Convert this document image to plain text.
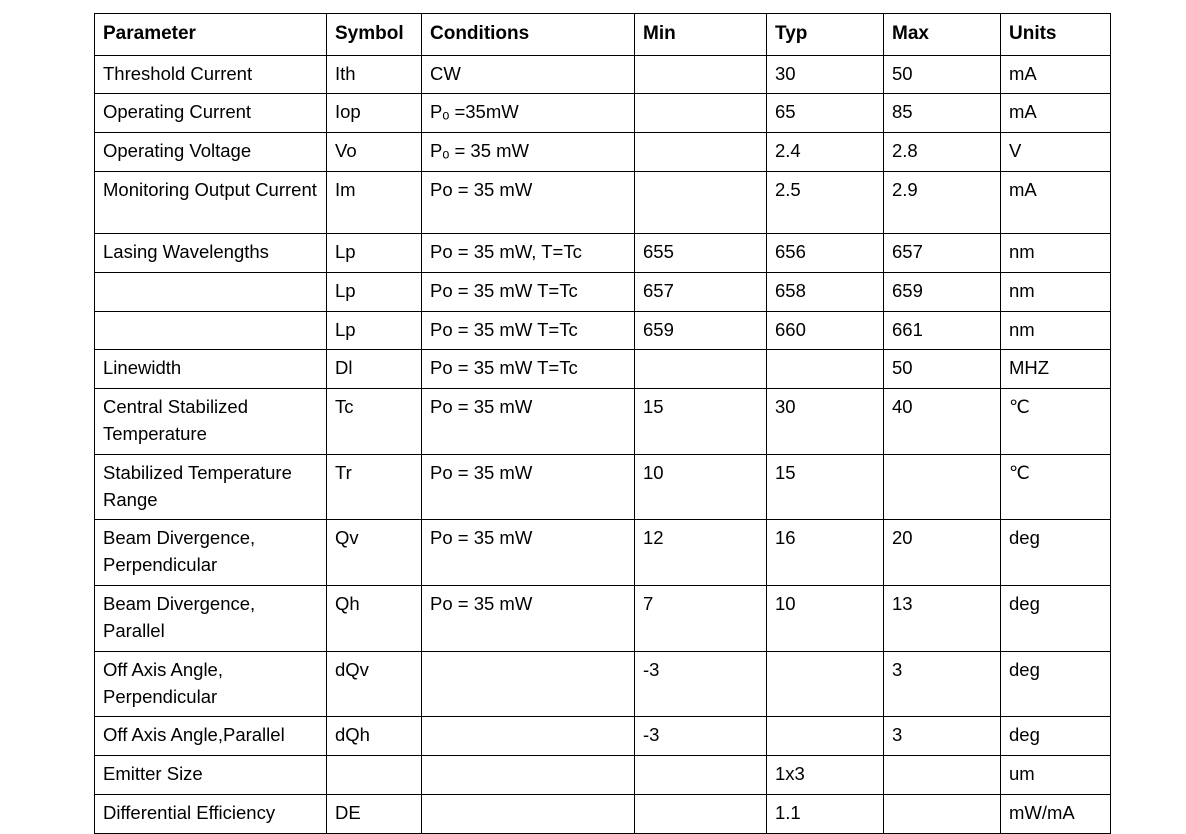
Parameter	Symbol	Conditions	Min	Typ	Max	Units
Threshold Current	Ith	CW		30	50	mA
Operating Current	Iop	Pₒ =35mW		65	85	mA
Operating Voltage	Vo	Pₒ = 35 mW		2.4	2.8	V
Monitoring Output Current	Im	Po = 35 mW		2.5	2.9	mA
Lasing Wavelengths	Lp	Po = 35 mW, T=Tc	655	656	657	nm
	Lp	Po = 35 mW T=Tc	657	658	659	nm
	Lp	Po = 35 mW T=Tc	659	660	661	nm
Linewidth	Dl	Po = 35 mW T=Tc			50	MHZ
Central Stabilized Temperature	Tc	Po = 35 mW	15	30	40	℃
Stabilized Temperature Range	Tr	Po = 35 mW	10	15		℃
Beam Divergence, Perpendicular	Qv	Po = 35 mW	12	16	20	deg
Beam Divergence, Parallel	Qh	Po = 35 mW	7	10	13	deg
Off Axis Angle, Perpendicular	dQv		-3		3	deg
Off Axis Angle,Parallel	dQh		-3		3	deg
Emitter Size				1x3		um
Differential Efficiency	DE			1.1		mW/mA
